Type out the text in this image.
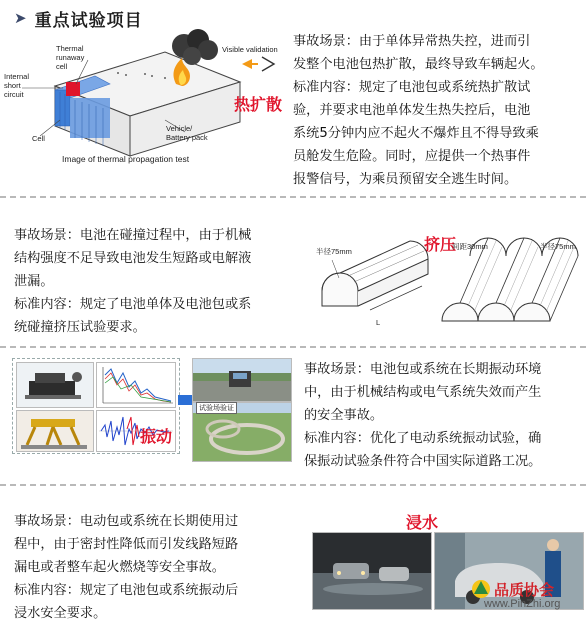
➤ 重点试验项目
Thermal
runaway
cell
Internal
short
circuit
Cell
Visible validation
Vehicle/
Battery pack
Image of thermal propagation test
热扩散
事故场景：由于单体异常热失控，进而引
发整个电池包热扩散，最终导致车辆起火。
标准内容：规定了电池包或系统热扩散试
验，并要求电池单体发生热失控后，电池
系统5分钟内应不起火不爆炸且不得导致乘
员舱发生危险。同时，应提供一个热事件
报警信号，为乘员预留安全逃生时间。
事故场景：电池在碰撞过程中，由于机械
结构强度不足导致电池发生短路或电解液
泄漏。
标准内容：规定了电池单体及电池包或系
统碰撞挤压试验要求。
挤压
半径75mm
L
间距30mm	半径75mm
振动
试验场验证
事故场景：电池包或系统在长期振动环境
中，由于机械结构或电气系统失效而产生
的安全事故。
标准内容：优化了电动系统振动试验，确
保振动试验条件符合中国实际道路工况。
事故场景：电动包或系统在长期使用过
程中，由于密封性降低而引发线路短路
漏电或者整车起火燃烧等安全事故。
标准内容：规定了电池包或系统振动后
浸水安全要求。
浸水
品质协会
www.PinZhi.org
